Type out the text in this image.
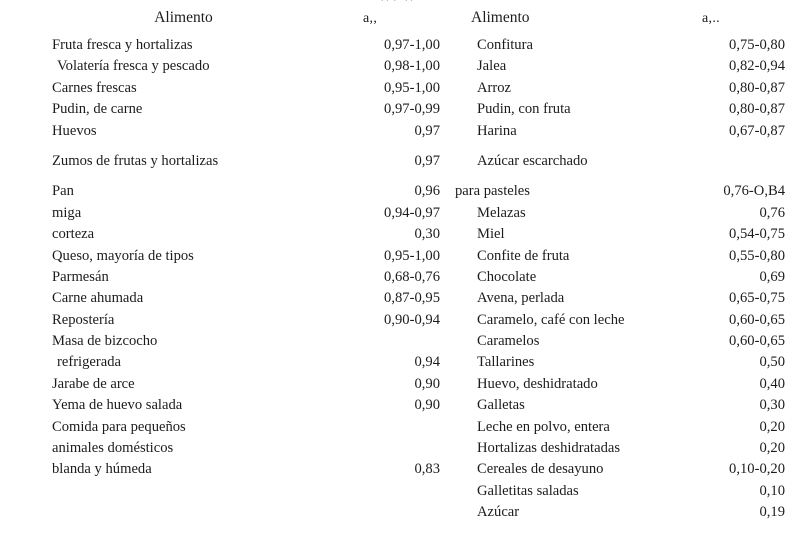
Alimento	a,,
Fruta fresca y hortalizas	0,97-1,00
Volatería fresca y pescado	0,98-1,00
Carnes frescas	0,95-1,00
Pudin, de carne	0,97-0,99
Huevos	0,97
Zumos de frutas y hortalizas	0,97
Pan	0,96
miga	0,94-0,97
corteza	0,30
Queso, mayoría de tipos	0,95-1,00
Parmesán	0,68-0,76
Carne ahumada	0,87-0,95
Repostería	0,90-0,94
Masa de bizcocho
refrigerada	0,94
Jarabe de arce	0,90
Yema de huevo salada	0,90
Comida para pequeños
animales domésticos
blanda y húmeda	0,83
Alimento	a,..
Confitura	0,75-0,80
Jalea	0,82-0,94
Arroz	0,80-0,87
Pudin, con fruta	0,80-0,87
Harina	0,67-0,87
Azúcar escarchado
para pasteles	0,76-O,B4
Melazas	0,76
Miel	0,54-0,75
Confite de fruta	0,55-0,80
Chocolate	0,69
Avena, perlada	0,65-0,75
Caramelo, café con leche	0,60-0,65
Caramelos	0,60-0,65
Tallarines	0,50
Huevo, deshidratado	0,40
Galletas	0,30
Leche en polvo, entera	0,20
Hortalizas deshidratadas	0,20
Cereales de desayuno	0,10-0,20
Galletitas saladas	0,10
Azúcar	0,19
